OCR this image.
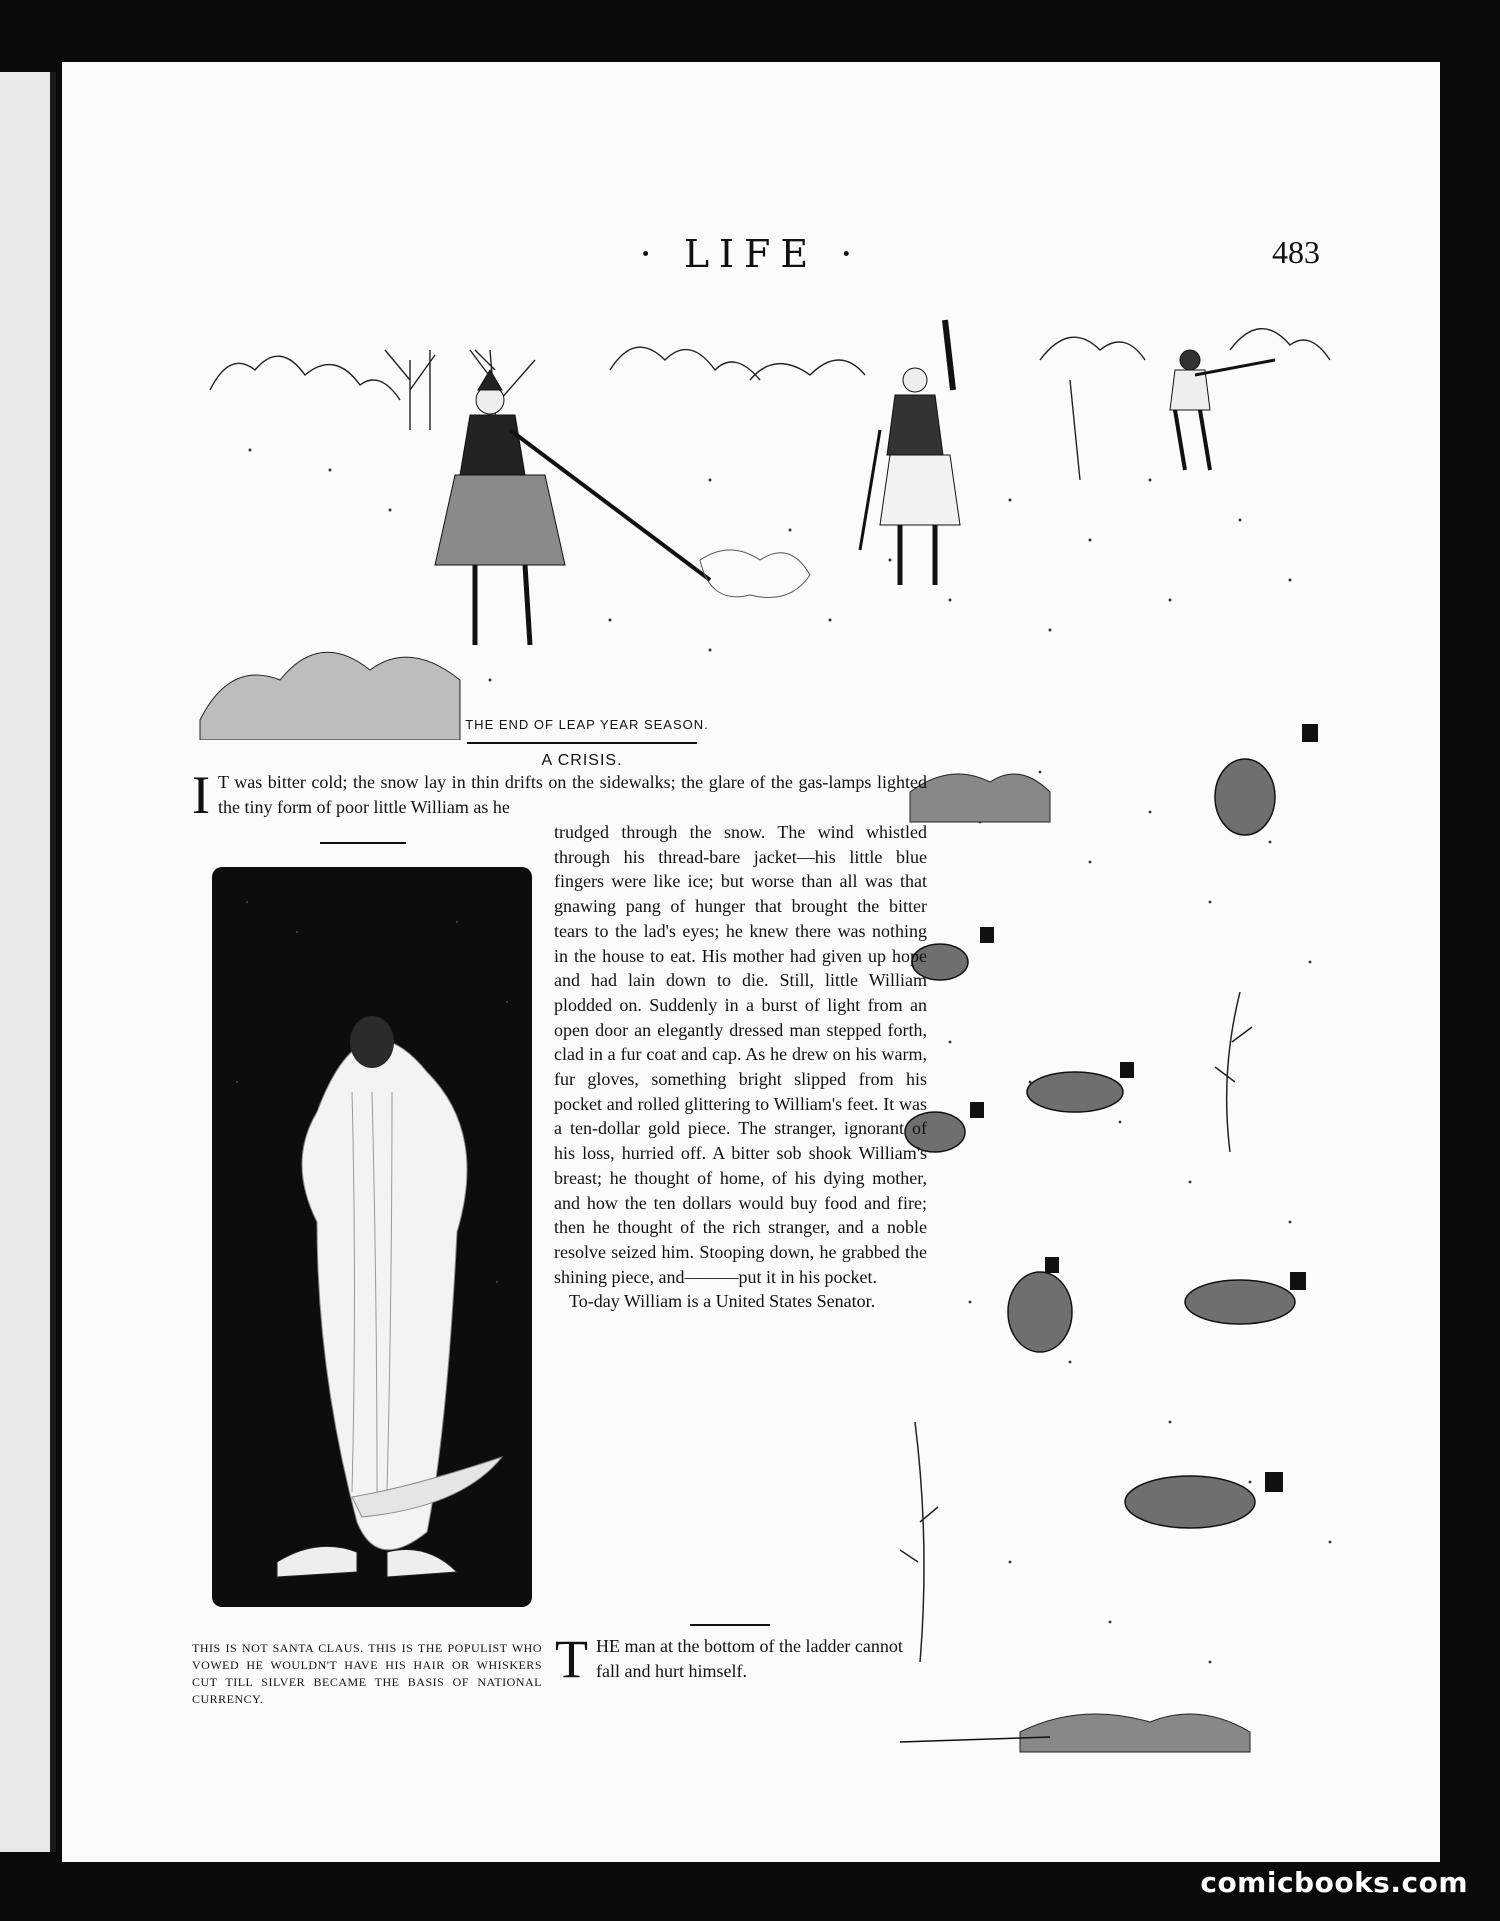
· LIFE ·	483
THE END OF LEAP YEAR SEASON.
A CRISIS.
I T was bitter cold; the snow lay in thin drifts on the sidewalks; the glare of the gas-lamps lighted the tiny form of poor little William as he

trudged through the snow. The wind whistled through his thread-bare jacket—his little blue fingers were like ice; but worse than all was that gnawing pang of hunger that brought the bitter tears to the lad's eyes; he knew there was nothing in the house to eat. His mother had given up hope and had lain down to die. Still, little William plodded on. Suddenly in a burst of light from an open door an elegantly dressed man stepped forth, clad in a fur coat and cap. As he drew on his warm, fur gloves, something bright slipped from his pocket and rolled glittering to William's feet. It was a ten-dollar gold piece. The stranger, ignorant of his loss, hurried off. A bitter sob shook William's breast; he thought of home, of his dying mother, and how the ten dollars would buy food and fire; then he thought of the rich stranger, and a noble resolve seized him. Stooping down, he grabbed the shining piece, and———put it in his pocket.

To-day William is a United States Senator.

THIS IS NOT SANTA CLAUS. THIS IS THE POPULIST WHO VOWED HE WOULDN'T HAVE HIS HAIR OR WHISKERS CUT TILL SILVER BECAME THE BASIS OF NATIONAL CURRENCY.
T HE man at the bottom of the ladder cannot fall and hurt himself.
comicbooks.com
